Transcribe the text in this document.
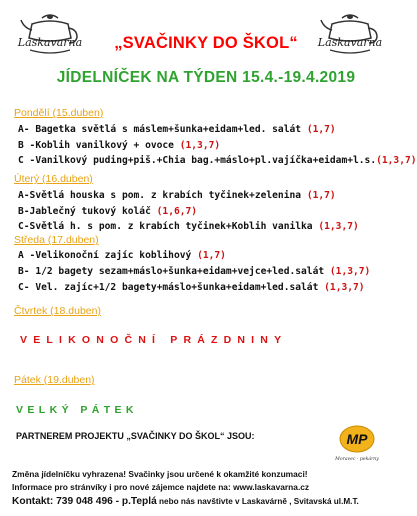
Laskavarna	Laskavarna
„SVAČINKY DO ŠKOL“
JÍDELNÍČEK NA TÝDEN 15.4.-19.4.2019
Pondělí (15.duben)
A- Bagetka světlá s máslem+šunka+eidam+led. salát (1,7)
B -Koblih vanilkový + ovoce (1,3,7)
C -Vanilkový puding+piš.+Chia bag.+máslo+pl.vajíčka+eidam+l.s.(1,3,7)
Úterý (16.duben)
A-Světlá houska s pom. z krabích tyčinek+zelenina (1,7)
B-Jablečný tukový koláč (1,6,7)
C-Světlá h. s pom. z krabích tyčinek+Koblih vanilka (1,3,7)
Středa (17.duben)
A -Velikonoční zajíc koblihový (1,7)
B- 1/2 bagety sezam+máslo+šunka+eidam+vejce+led.salát (1,3,7)
C- Vel. zajíc+1/2 bagety+máslo+šunka+eidam+led.salát (1,3,7)
Čtvrtek (18.duben)
VELIKONOČNÍ PRÁZDNINY
Pátek (19.duben)
VELKÝ PÁTEK
PARTNEREM PROJEKTU „SVAČINKY DO ŠKOL“ JSOU:	MP
Moravec - pekárny
Změna jídelníčku vyhrazena! Svačinky jsou určené k okamžité konzumaci!
Informace pro stránvíky i pro nové zájemce najdete na: www.laskavarna.cz
Kontakt: 739 048 496 - p.Teplá nebo nás navštivte v Laskavárně , Svitavská ul.M.T.
